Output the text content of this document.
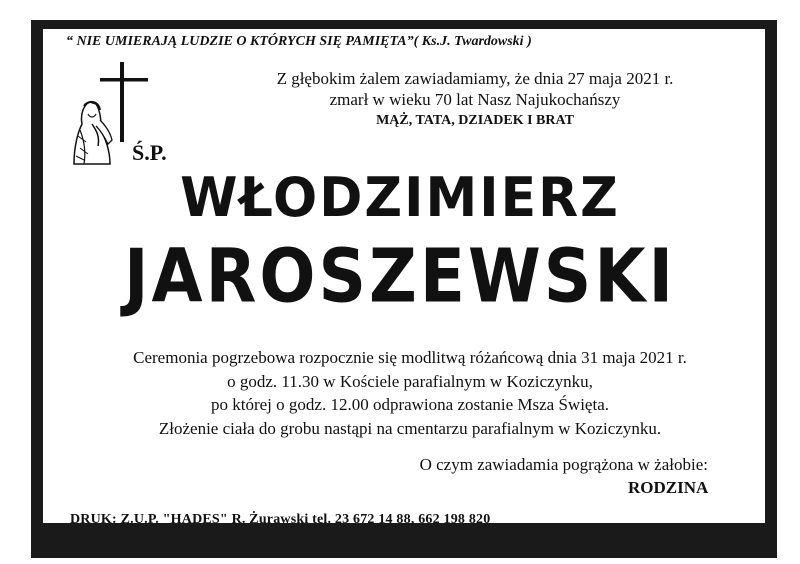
“ NIE UMIERAJĄ LUDZIE O KTÓRYCH SIĘ PAMIĘTA”( Ks.J. Twardowski )
Z głębokim żalem zawiadamiamy, że dnia 27 maja 2021 r.
zmarł w wieku 70 lat Nasz Najukochańszy
MĄŻ, TATA, DZIADEK I BRAT
Ś.P.
WŁODZIMIERZ
JAROSZEWSKI
Ceremonia pogrzebowa rozpocznie się modlitwą różańcową dnia 31 maja 2021 r.
o godz. 11.30 w Kościele parafialnym w Koziczynku,
po której o godz. 12.00 odprawiona zostanie Msza Święta.
Złożenie ciała do grobu nastąpi na cmentarzu parafialnym w Koziczynku.
O czym zawiadamia pogrążona w żałobie:
RODZINA
DRUK: Z.U.P. "HADES" R. Żurawski tel. 23 672 14 88, 662 198 820
